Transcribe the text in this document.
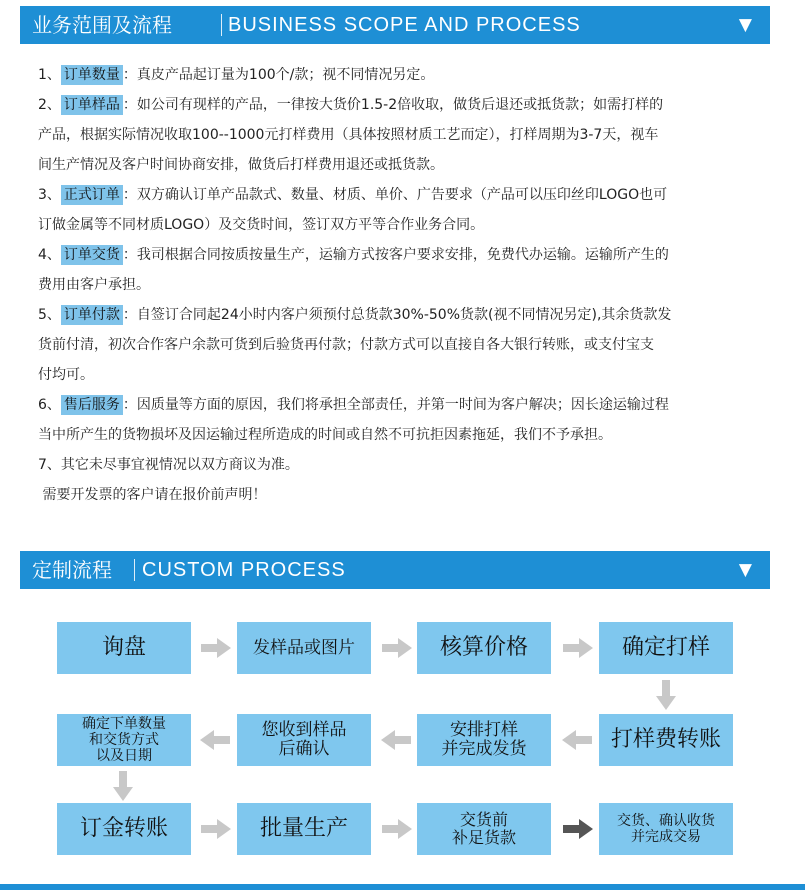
业务范围及流程	BUSINESS SCOPE AND PROCESS	▼

1、 订单数量 ：真皮产品起订量为100个/款；视不同情况另定。

2、 订单样品 ：如公司有现样的产品，一律按大货价1.5-2倍收取，做货后退还或抵货款；如需打样的

产品，根据实际情况收取100--1000元打样费用（具体按照材质工艺而定），打样周期为3-7天，视车

间生产情况及客户时间协商安排，做货后打样费用退还或抵货款。

3、 正式订单 ：双方确认订单产品款式、数量、材质、单价、广告要求（产品可以压印丝印LOGO也可

订做金属等不同材质LOGO）及交货时间，签订双方平等合作业务合同。

4、 订单交货 ：我司根据合同按质按量生产，运输方式按客户要求安排，免费代办运输。运输所产生的

费用由客户承担。

5、 订单付款 ：自签订合同起24小时内客户须预付总货款30%-50%货款(视不同情况另定),其余货款发

货前付清，初次合作客户余款可货到后验货再付款；付款方式可以直接自各大银行转账，或支付宝支

付均可。

6、 售后服务 ：因质量等方面的原因，我们将承担全部责任，并第一时间为客户解决；因长途运输过程

当中所产生的货物损坏及因运输过程所造成的时间或自然不可抗拒因素拖延，我们不予承担。

7、其它未尽事宜视情况以双方商议为准。

需要开发票的客户请在报价前声明！

定制流程 CUSTOM PROCESS	▼
询盘	发样品或图片	核算价格	确定打样
打样费转账
安排打样
并完成发货
您收到样品
后确认
确定下单数量
和交货方式
以及日期
订金转账	批量生产	交货前
补足货款
交货、确认收货
并完成交易
